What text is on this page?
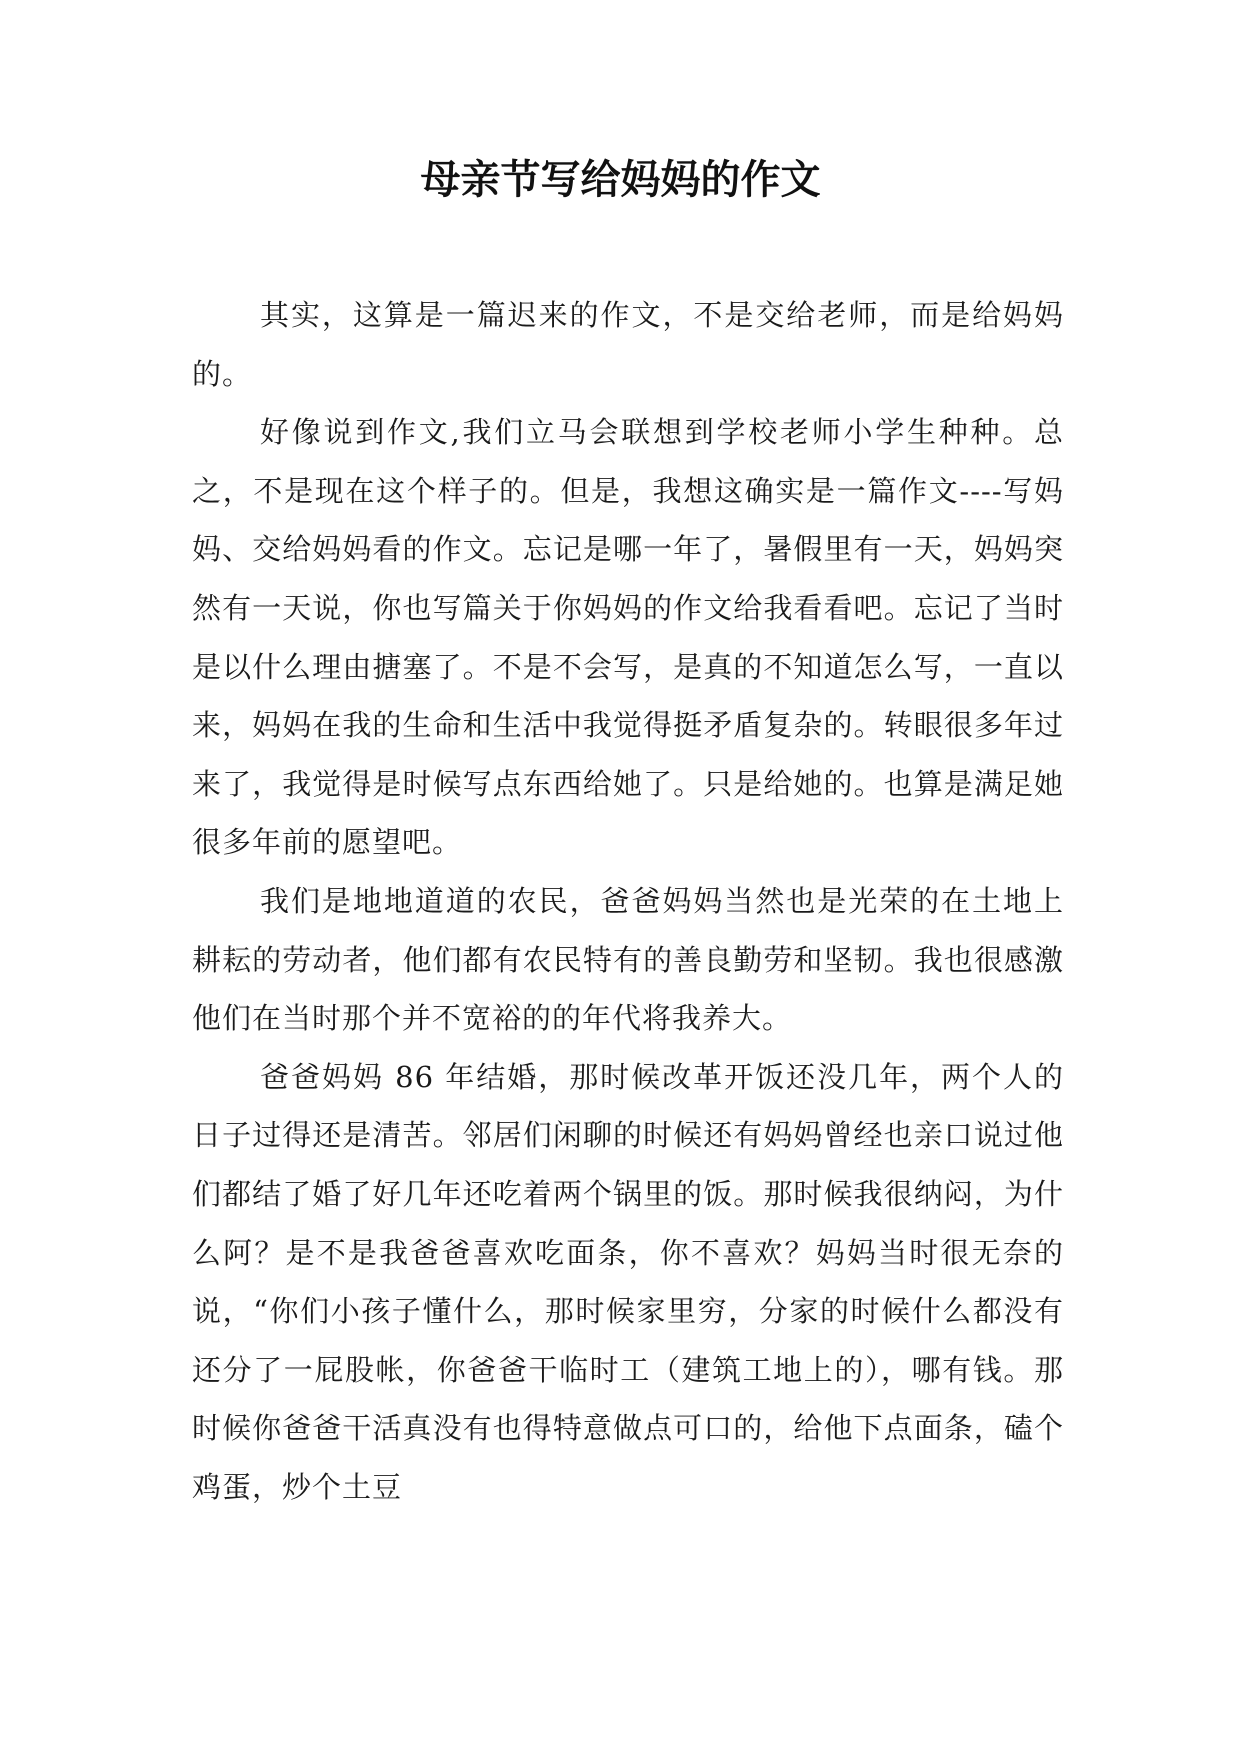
母亲节写给妈妈的作文

其实，这算是一篇迟来的作文，不是交给老师，而是给妈妈的。

好像说到作文,我们立马会联想到学校老师小学生种种。总之，不是现在这个样子的。但是，我想这确实是一篇作文----写妈妈、交给妈妈看的作文。忘记是哪一年了，暑假里有一天，妈妈突然有一天说，你也写篇关于你妈妈的作文给我看看吧。忘记了当时是以什么理由搪塞了。不是不会写，是真的不知道怎么写，一直以来，妈妈在我的生命和生活中我觉得挺矛盾复杂的。转眼很多年过来了，我觉得是时候写点东西给她了。只是给她的。也算是满足她很多年前的愿望吧。

我们是地地道道的农民，爸爸妈妈当然也是光荣的在土地上耕耘的劳动者，他们都有农民特有的善良勤劳和坚韧。我也很感激他们在当时那个并不宽裕的的年代将我养大。

爸爸妈妈 86 年结婚，那时候改革开饭还没几年，两个人的日子过得还是清苦。邻居们闲聊的时候还有妈妈曾经也亲口说过他们都结了婚了好几年还吃着两个锅里的饭。那时候我很纳闷，为什么阿？是不是我爸爸喜欢吃面条，你不喜欢？妈妈当时很无奈的说，“你们小孩子懂什么，那时候家里穷，分家的时候什么都没有还分了一屁股帐，你爸爸干临时工（建筑工地上的），哪有钱。那时候你爸爸干活真没有也得特意做点可口的，给他下点面条，磕个鸡蛋，炒个土豆
